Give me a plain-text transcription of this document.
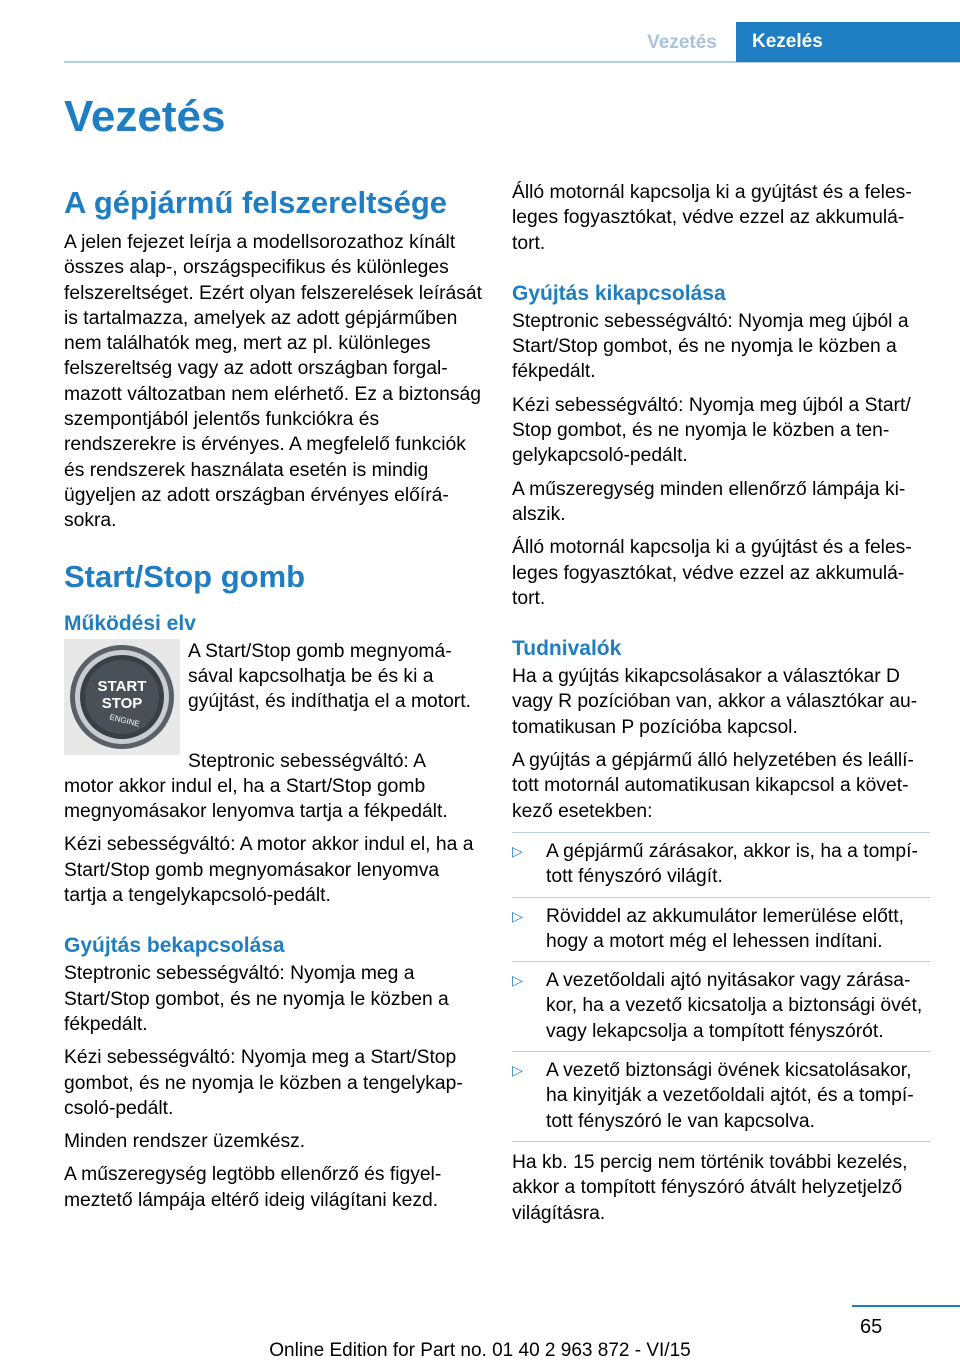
Vezetés	Kezelés
Vezetés
A gépjármű felszereltsége

A jelen fejezet leírja a modellsorozathoz kínált összes alap-, országspecifikus és különleges felszereltséget. Ezért olyan felszerelések leírását is tartalmazza, amelyek az adott gépjárműben nem találhatók meg, mert az pl. különleges felszereltség vagy az adott országban forgalmazott változatban nem elérhető. Ez a biztonság szempontjából jelentős funkciókra és rendszerekre is érvényes. A megfelelő funkciók és rendszerek használata esetén is mindig ügyeljen az adott országban érvényes előírásokra.

Start/Stop gomb
Működési elv
START
STOP
ENGINE

A Start/Stop gomb megnyomásával kapcsolhatja be és ki a gyújtást, és indíthatja el a motort.

Steptronic sebességváltó: A

motor akkor indul el, ha a Start/Stop gomb megnyomásakor lenyomva tartja a fékpedált.

Kézi sebességváltó: A motor akkor indul el, ha a Start/Stop gomb megnyomásakor lenyomva tartja a tengelykapcsoló-pedált.

Gyújtás bekapcsolása

Steptronic sebességváltó: Nyomja meg a Start/Stop gombot, és ne nyomja le közben a fékpedált.

Kézi sebességváltó: Nyomja meg a Start/Stop gombot, és ne nyomja le közben a tengelykapcsoló-pedált.

Minden rendszer üzemkész.

A műszeregység legtöbb ellenőrző és figyelmeztető lámpája eltérő ideig világítani kezd.

Álló motornál kapcsolja ki a gyújtást és a felesleges fogyasztókat, védve ezzel az akkumulátort.

Gyújtás kikapcsolása

Steptronic sebességváltó: Nyomja meg újból a Start/Stop gombot, és ne nyomja le közben a fékpedált.

Kézi sebességváltó: Nyomja meg újból a Start/ Stop gombot, és ne nyomja le közben a tengelykapcsoló-pedált.

A műszeregység minden ellenőrző lámpája kialszik.

Álló motornál kapcsolja ki a gyújtást és a felesleges fogyasztókat, védve ezzel az akkumulátort.

Tudnivalók

Ha a gyújtás kikapcsolásakor a választókar D vagy R pozícióban van, akkor a választókar automatikusan P pozícióba kapcsol.

A gyújtás a gépjármű álló helyzetében és leállított motornál automatikusan kikapcsol a következő esetekben:

▷	A gépjármű zárásakor, akkor is, ha a tompított fényszóró világít.
▷	Röviddel az akkumulátor lemerülése előtt, hogy a motort még el lehessen indítani.
▷	A vezetőoldali ajtó nyitásakor vagy zárásakor, ha a vezető kicsatolja a biztonsági övét, vagy lekapcsolja a tompított fényszórót.
▷	A vezető biztonsági övének kicsatolásakor, ha kinyitják a vezetőoldali ajtót, és a tompított fényszóró le van kapcsolva.

Ha kb. 15 percig nem történik további kezelés, akkor a tompított fényszóró átvált helyzetjelző világításra.

65
Online Edition for Part no. 01 40 2 963 872 - VI/15
